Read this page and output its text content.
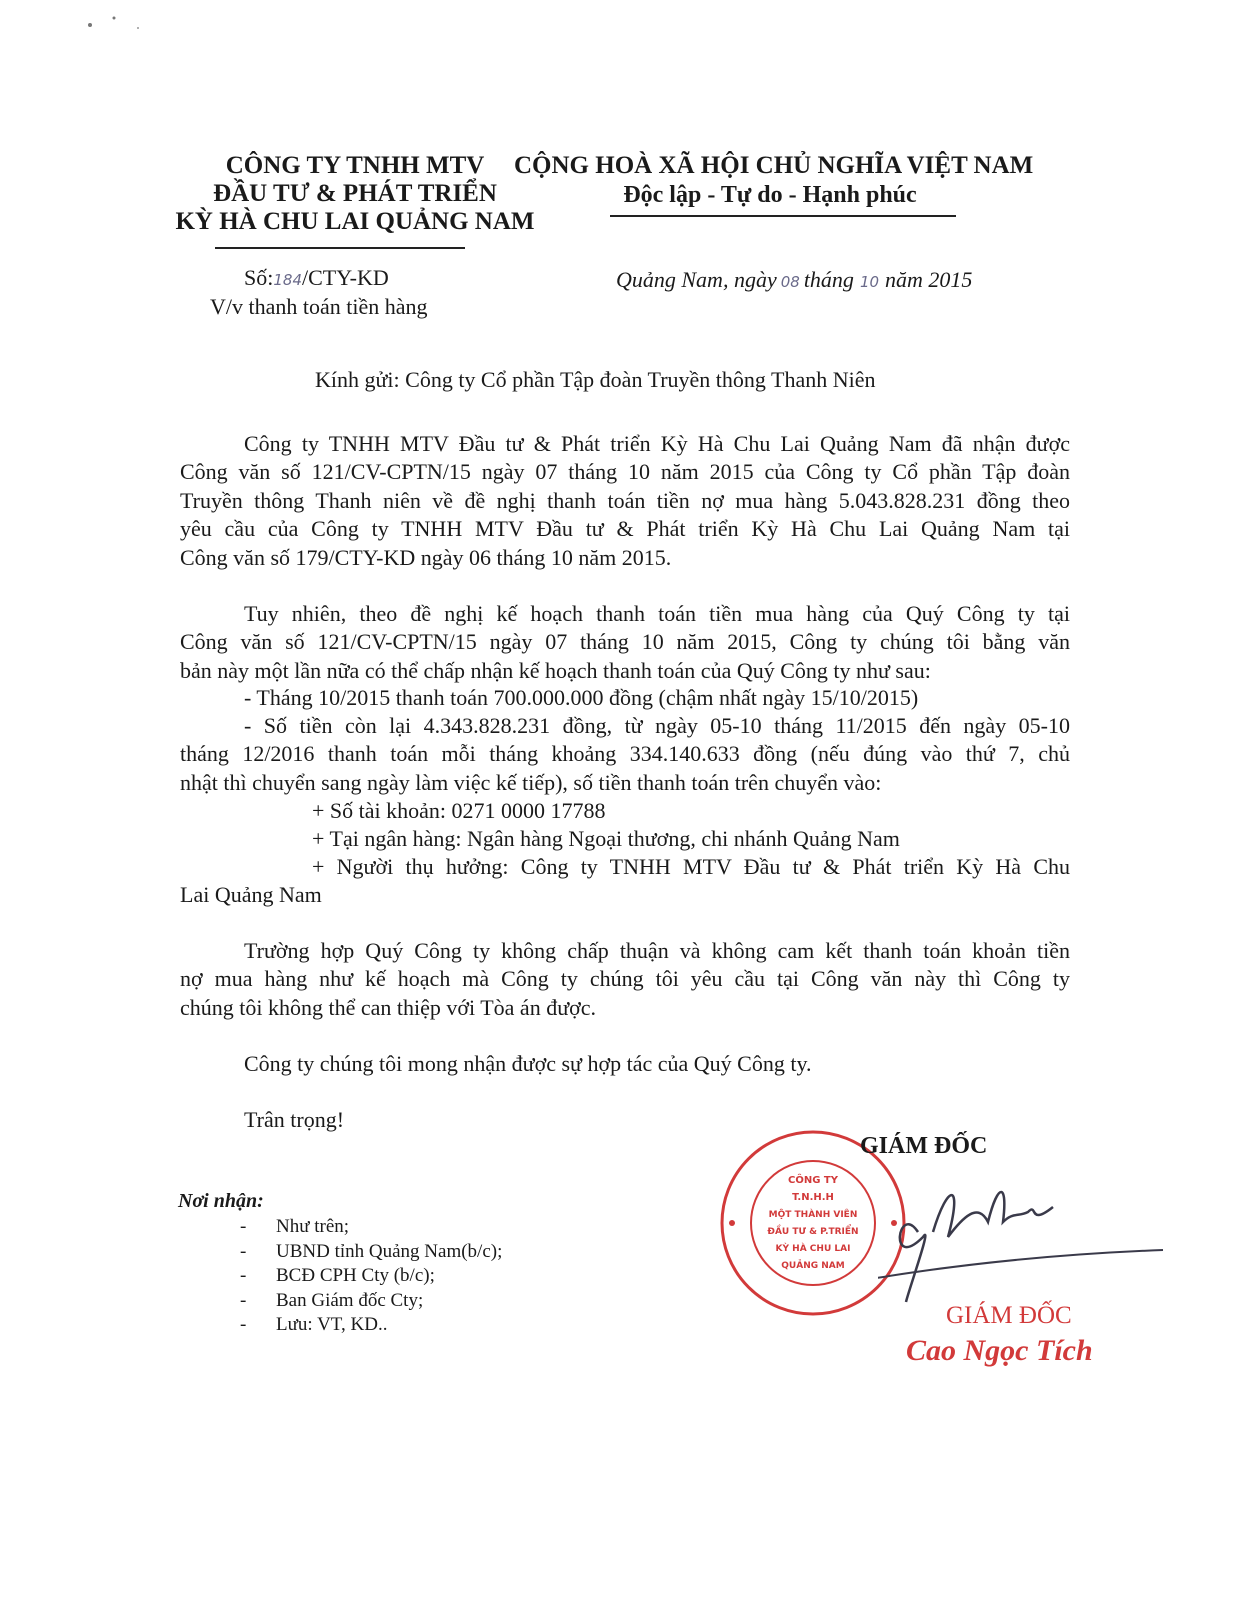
CÔNG TY TNHH MTV
ĐẦU TƯ & PHÁT TRIỂN
KỲ HÀ CHU LAI QUẢNG NAM
CỘNG HOÀ XÃ HỘI CHỦ NGHĨA VIỆT NAM
Độc lập - Tự do - Hạnh phúc
Số:184/CTY-KD
V/v thanh toán tiền hàng
Quảng Nam, ngày 08 tháng 10 năm 2015
Kính gửi: Công ty Cổ phần Tập đoàn Truyền thông Thanh Niên
Công ty TNHH MTV Đầu tư & Phát triển Kỳ Hà Chu Lai Quảng Nam đã nhận được
Công văn số 121/CV-CPTN/15 ngày 07 tháng 10 năm 2015 của Công ty Cổ phần Tập đoàn
Truyền thông Thanh niên về đề nghị thanh toán tiền nợ mua hàng 5.043.828.231 đồng theo
yêu cầu của Công ty TNHH MTV Đầu tư & Phát triển Kỳ Hà Chu Lai Quảng Nam tại
Công văn số 179/CTY-KD ngày 06 tháng 10 năm 2015.
Tuy nhiên, theo đề nghị kế hoạch thanh toán tiền mua hàng của Quý Công ty tại
Công văn số 121/CV-CPTN/15 ngày 07 tháng 10 năm 2015, Công ty chúng tôi bằng văn
bản này một lần nữa có thể chấp nhận kế hoạch thanh toán của Quý Công ty như sau:
- Tháng 10/2015 thanh toán 700.000.000 đồng (chậm nhất ngày 15/10/2015)
- Số tiền còn lại 4.343.828.231 đồng, từ ngày 05-10 tháng 11/2015 đến ngày 05-10
tháng 12/2016 thanh toán mỗi tháng khoảng 334.140.633 đồng (nếu đúng vào thứ 7, chủ
nhật thì chuyển sang ngày làm việc kế tiếp), số tiền thanh toán trên chuyển vào:
+ Số tài khoản: 0271 0000 17788
+ Tại ngân hàng: Ngân hàng Ngoại thương, chi nhánh Quảng Nam
+ Người thụ hưởng: Công ty TNHH MTV Đầu tư & Phát triển Kỳ Hà Chu
Lai Quảng Nam
Trường hợp Quý Công ty không chấp thuận và không cam kết thanh toán khoản tiền
nợ mua hàng như kế hoạch mà Công ty chúng tôi yêu cầu tại Công văn này thì Công ty
chúng tôi không thể can thiệp với Tòa án được.
Công ty chúng tôi mong nhận được sự hợp tác của Quý Công ty.
Trân trọng!
Nơi nhận:
- Như trên;
- UBND tỉnh Quảng Nam(b/c);
- BCĐ CPH Cty (b/c);
- Ban Giám đốc Cty;
- Lưu: VT, KD..
CÔNG TY
T.N.H.H
MỘT THÀNH VIÊN
ĐẦU TƯ & P.TRIỂN
KỲ HÀ CHU LAI
QUẢNG NAM
GIÁM ĐỐC
GIÁM ĐỐC
Cao Ngọc Tích
